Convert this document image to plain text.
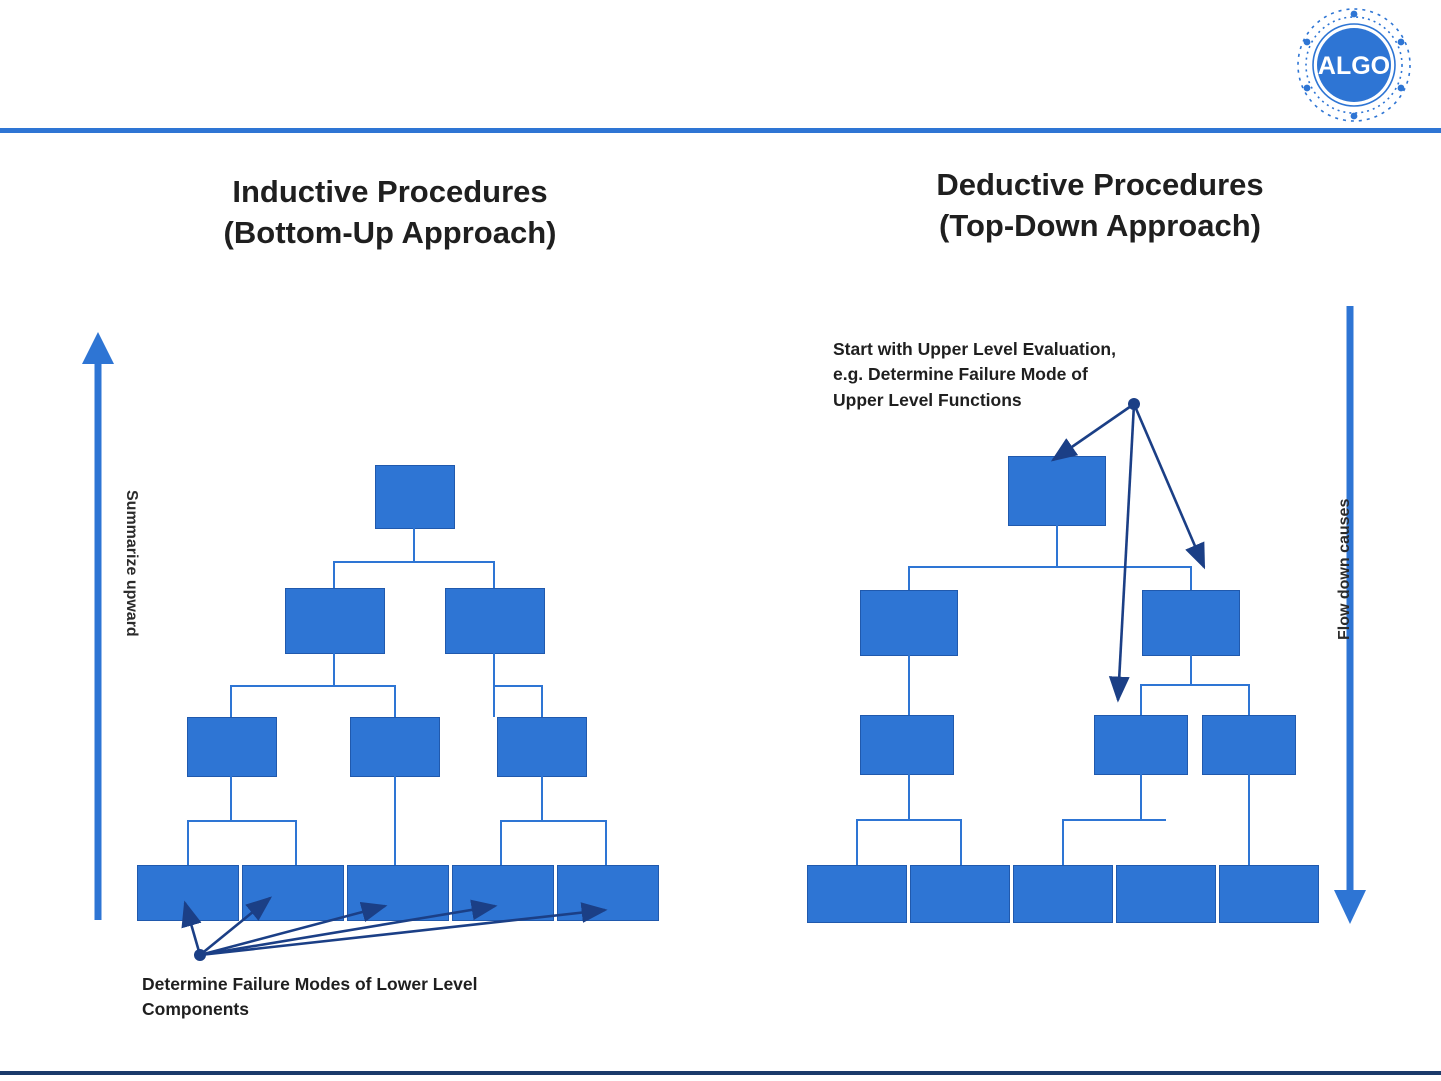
ALGO
Inductive Procedures
(Bottom-Up Approach)
Deductive Procedures
(Top-Down Approach)
Summarize upward
Determine Failure Modes of Lower Level
Components
Flow down causes
Start with Upper Level Evaluation,
e.g. Determine Failure Mode of
Upper Level Functions
